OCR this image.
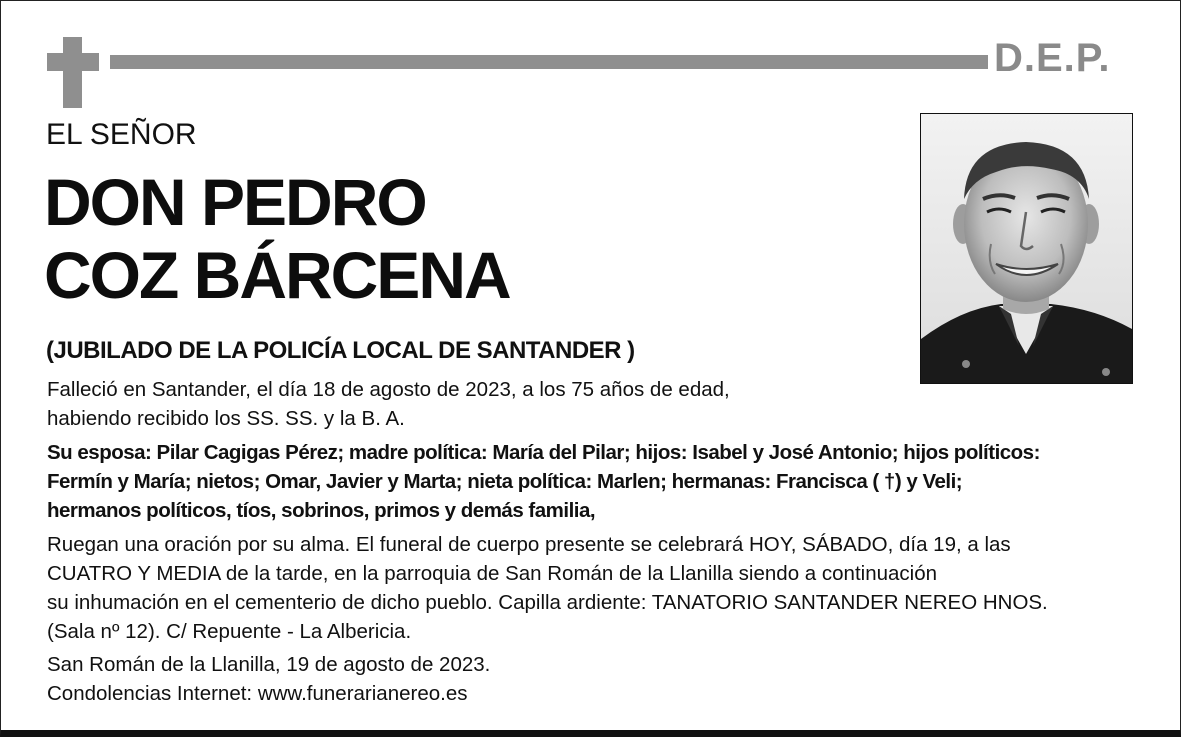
D.E.P.
EL SEÑOR
DON PEDRO
COZ BÁRCENA
(JUBILADO DE LA POLICÍA LOCAL DE SANTANDER )
Falleció en Santander, el día 18 de agosto de 2023, a los 75 años de edad,
habiendo recibido los SS. SS. y la B. A.
Su esposa: Pilar Cagigas Pérez; madre política: María del Pilar; hijos: Isabel y José Antonio; hijos políticos:
Fermín y María; nietos; Omar, Javier y Marta; nieta política: Marlen; hermanas: Francisca ( †) y Veli;
hermanos políticos, tíos, sobrinos, primos y demás familia,
Ruegan una oración por su alma. El funeral de cuerpo presente se celebrará HOY, SÁBADO, día 19, a las
CUATRO Y MEDIA de la tarde, en la parroquia de San Román de la Llanilla siendo a continuación
su inhumación en el cementerio de dicho pueblo. Capilla ardiente: TANATORIO SANTANDER NEREO HNOS.
(Sala nº 12). C/ Repuente - La Albericia.
San Román de la Llanilla, 19 de agosto de 2023.
Condolencias Internet: www.funerarianereo.es
